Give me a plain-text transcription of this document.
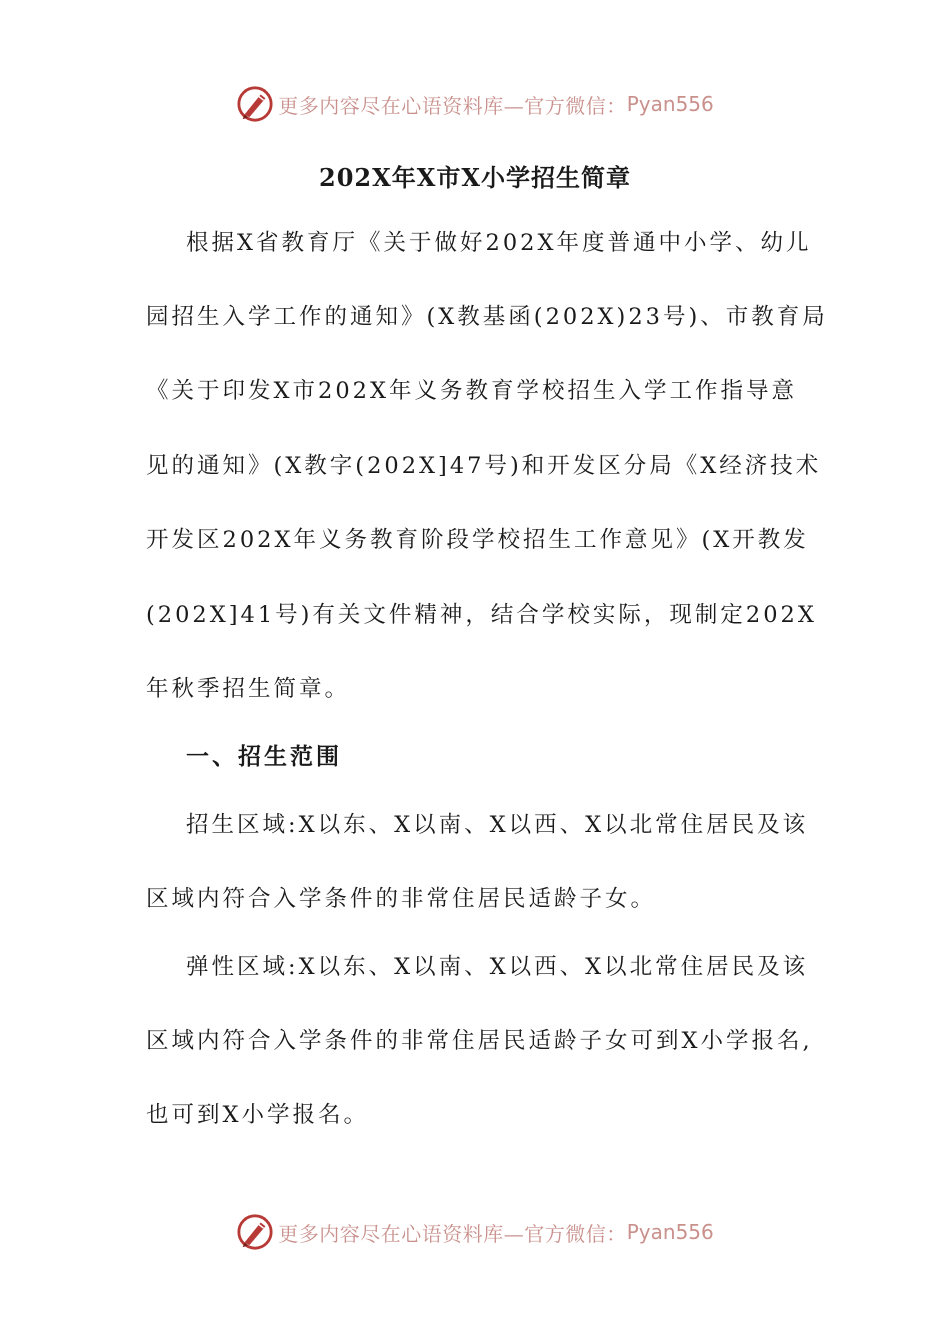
更多内容尽在心语资料库—官方微信： Pyan556
202X年X市X小学招生简章
根据X省教育厅《关于做好202X年度普通中小学、幼儿
园招生入学工作的通知》(X教基函(202X)23号)、市教育局
《关于印发X市202X年义务教育学校招生入学工作指导意
见的通知》(X教字(202X]47号)和开发区分局《X经济技术
开发区202X年义务教育阶段学校招生工作意见》(X开教发
(202X]41号)有关文件精神，结合学校实际，现制定202X
年秋季招生简章。
一、招生范围
招生区域:X以东、X以南、X以西、X以北常住居民及该
区域内符合入学条件的非常住居民适龄子女。
弹性区域:X以东、X以南、X以西、X以北常住居民及该
区域内符合入学条件的非常住居民适龄子女可到X小学报名,
也可到X小学报名。
更多内容尽在心语资料库—官方微信： Pyan556
